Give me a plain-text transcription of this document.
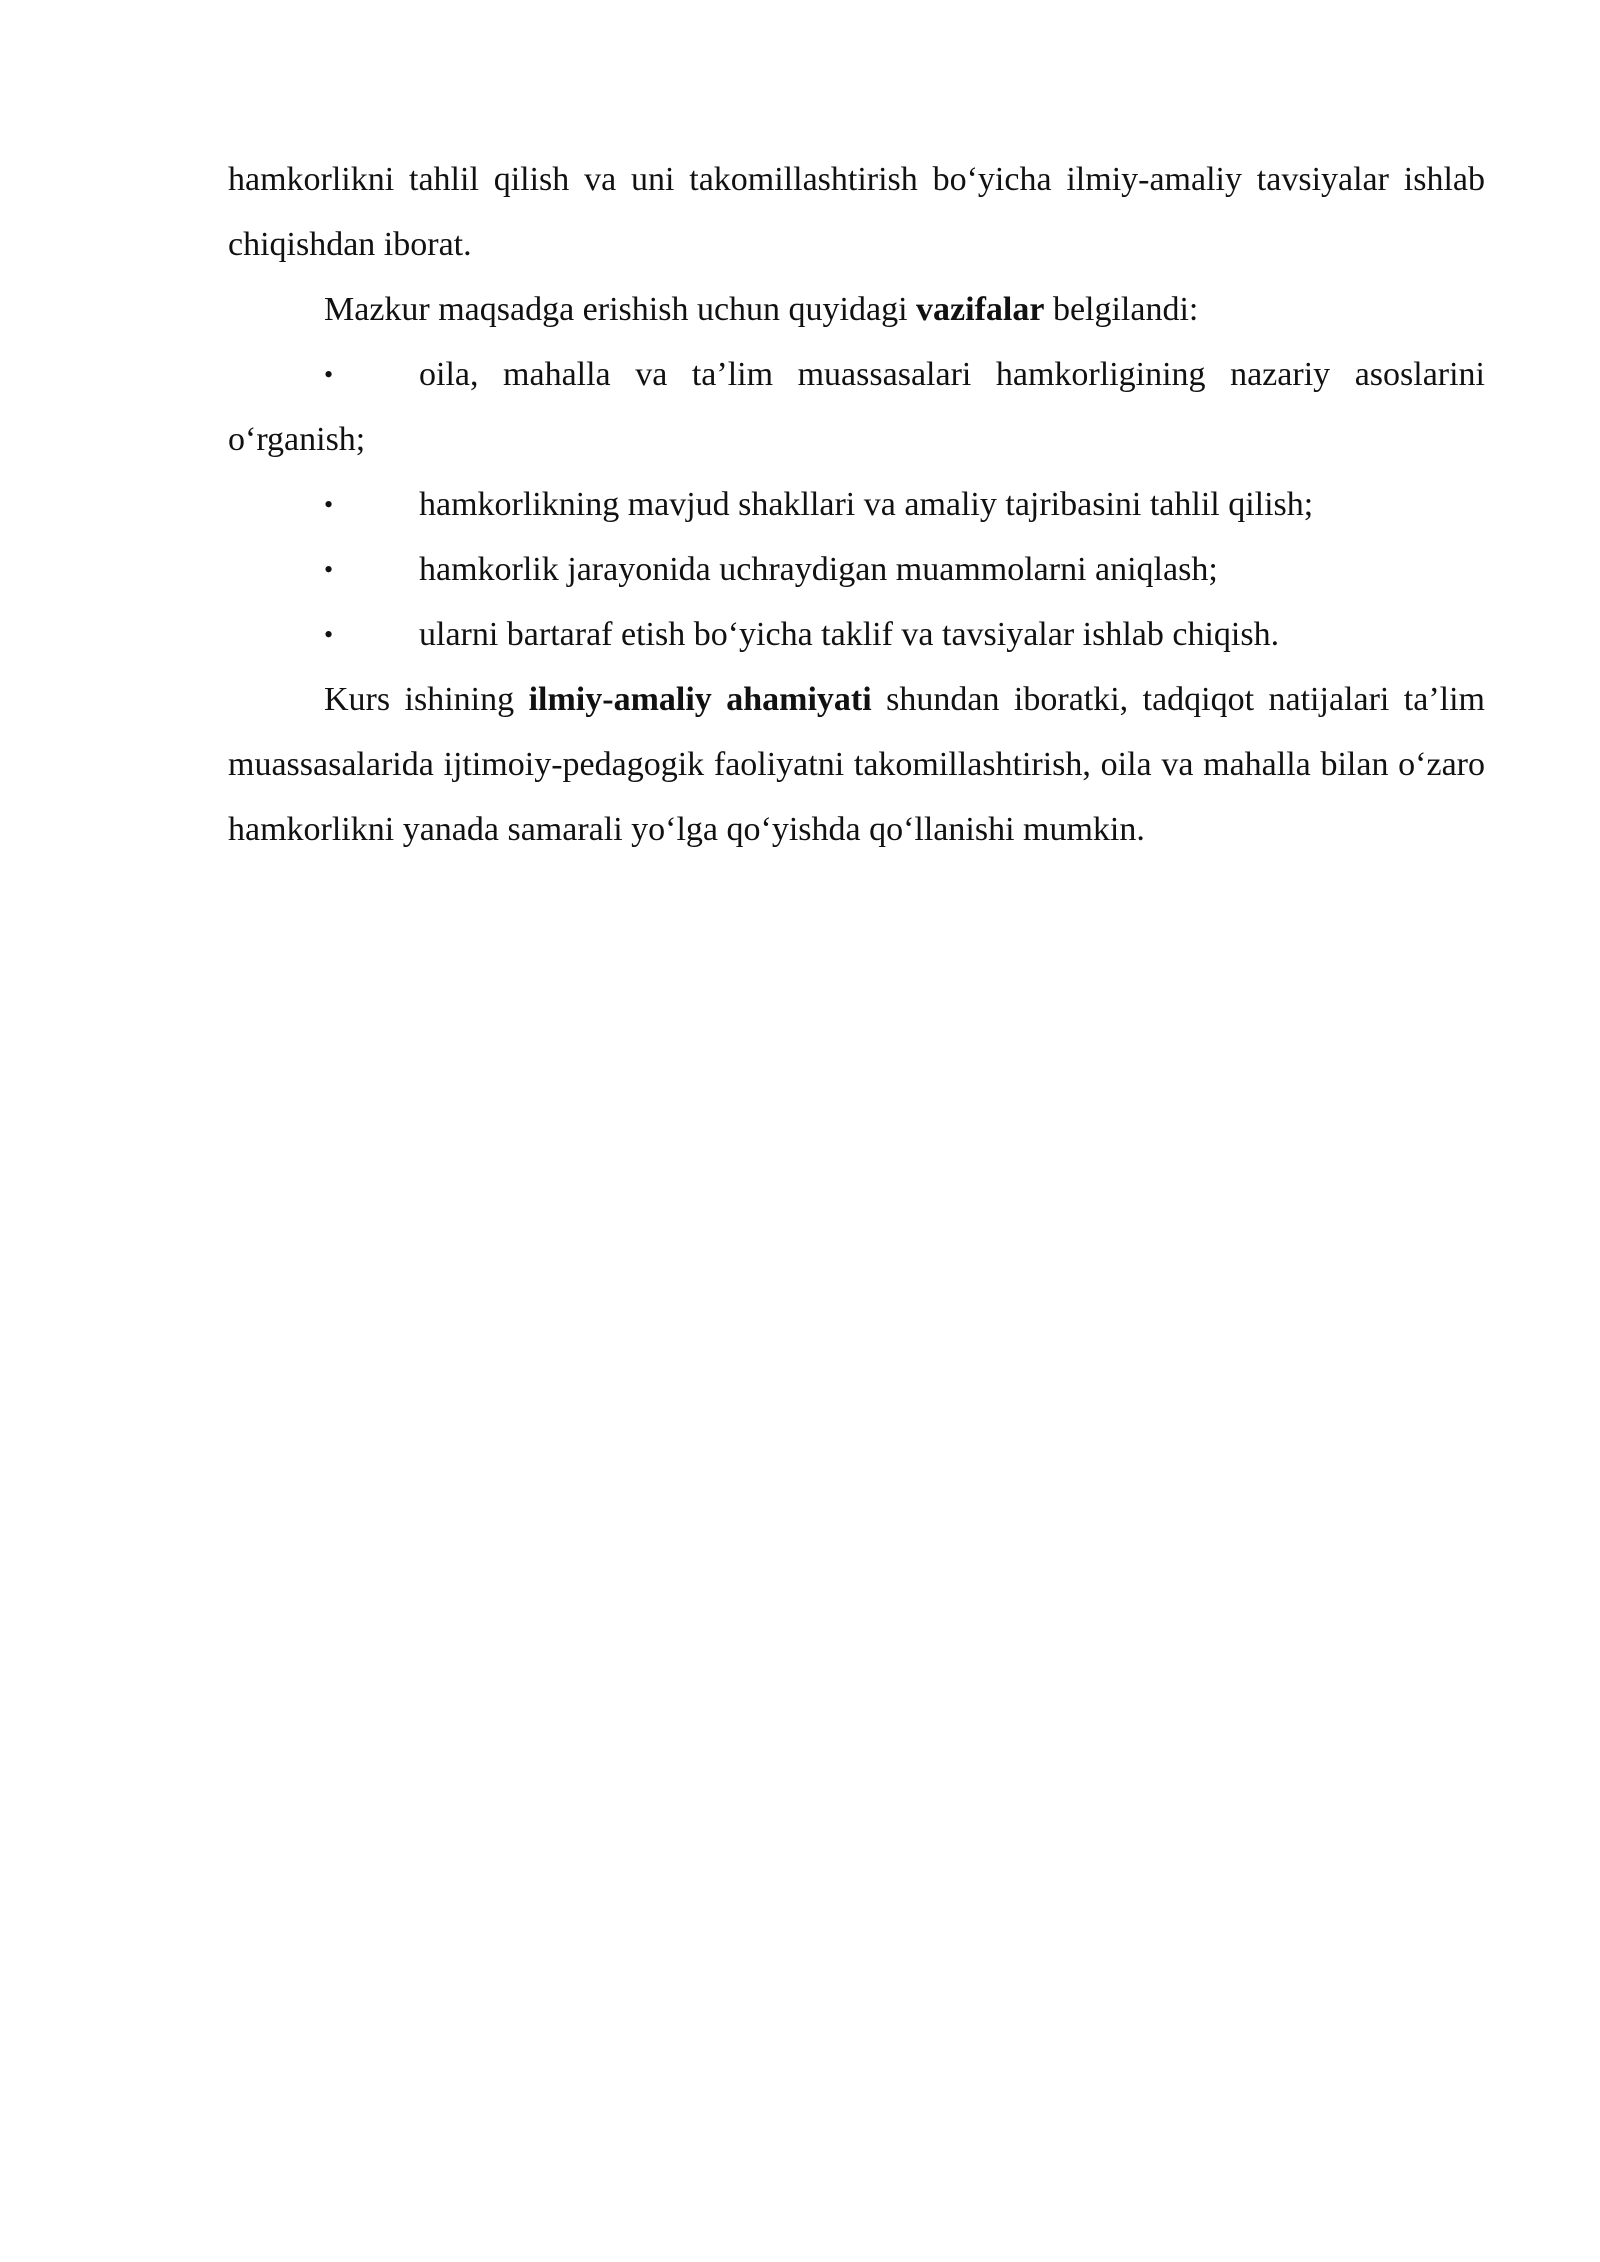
hamkorlikni tahlil qilish va uni takomillashtirish bo‘yicha ilmiy-amaliy tavsiyalar ishlab chiqishdan iborat.

Mazkur maqsadga erishish uchun quyidagi vazifalar belgilandi:

•	oila, mahalla va ta’lim muassasalari hamkorligining nazariy asoslarini o‘rganish;

•	hamkorlikning mavjud shakllari va amaliy tajribasini tahlil qilish;

•	hamkorlik jarayonida uchraydigan muammolarni aniqlash;

•	ularni bartaraf etish bo‘yicha taklif va tavsiyalar ishlab chiqish.

Kurs ishining ilmiy-amaliy ahamiyati shundan iboratki, tadqiqot natijalari ta’lim muassasalarida ijtimoiy-pedagogik faoliyatni takomillashtirish, oila va mahalla bilan o‘zaro hamkorlikni yanada samarali yo‘lga qo‘yishda qo‘llanishi mumkin.
